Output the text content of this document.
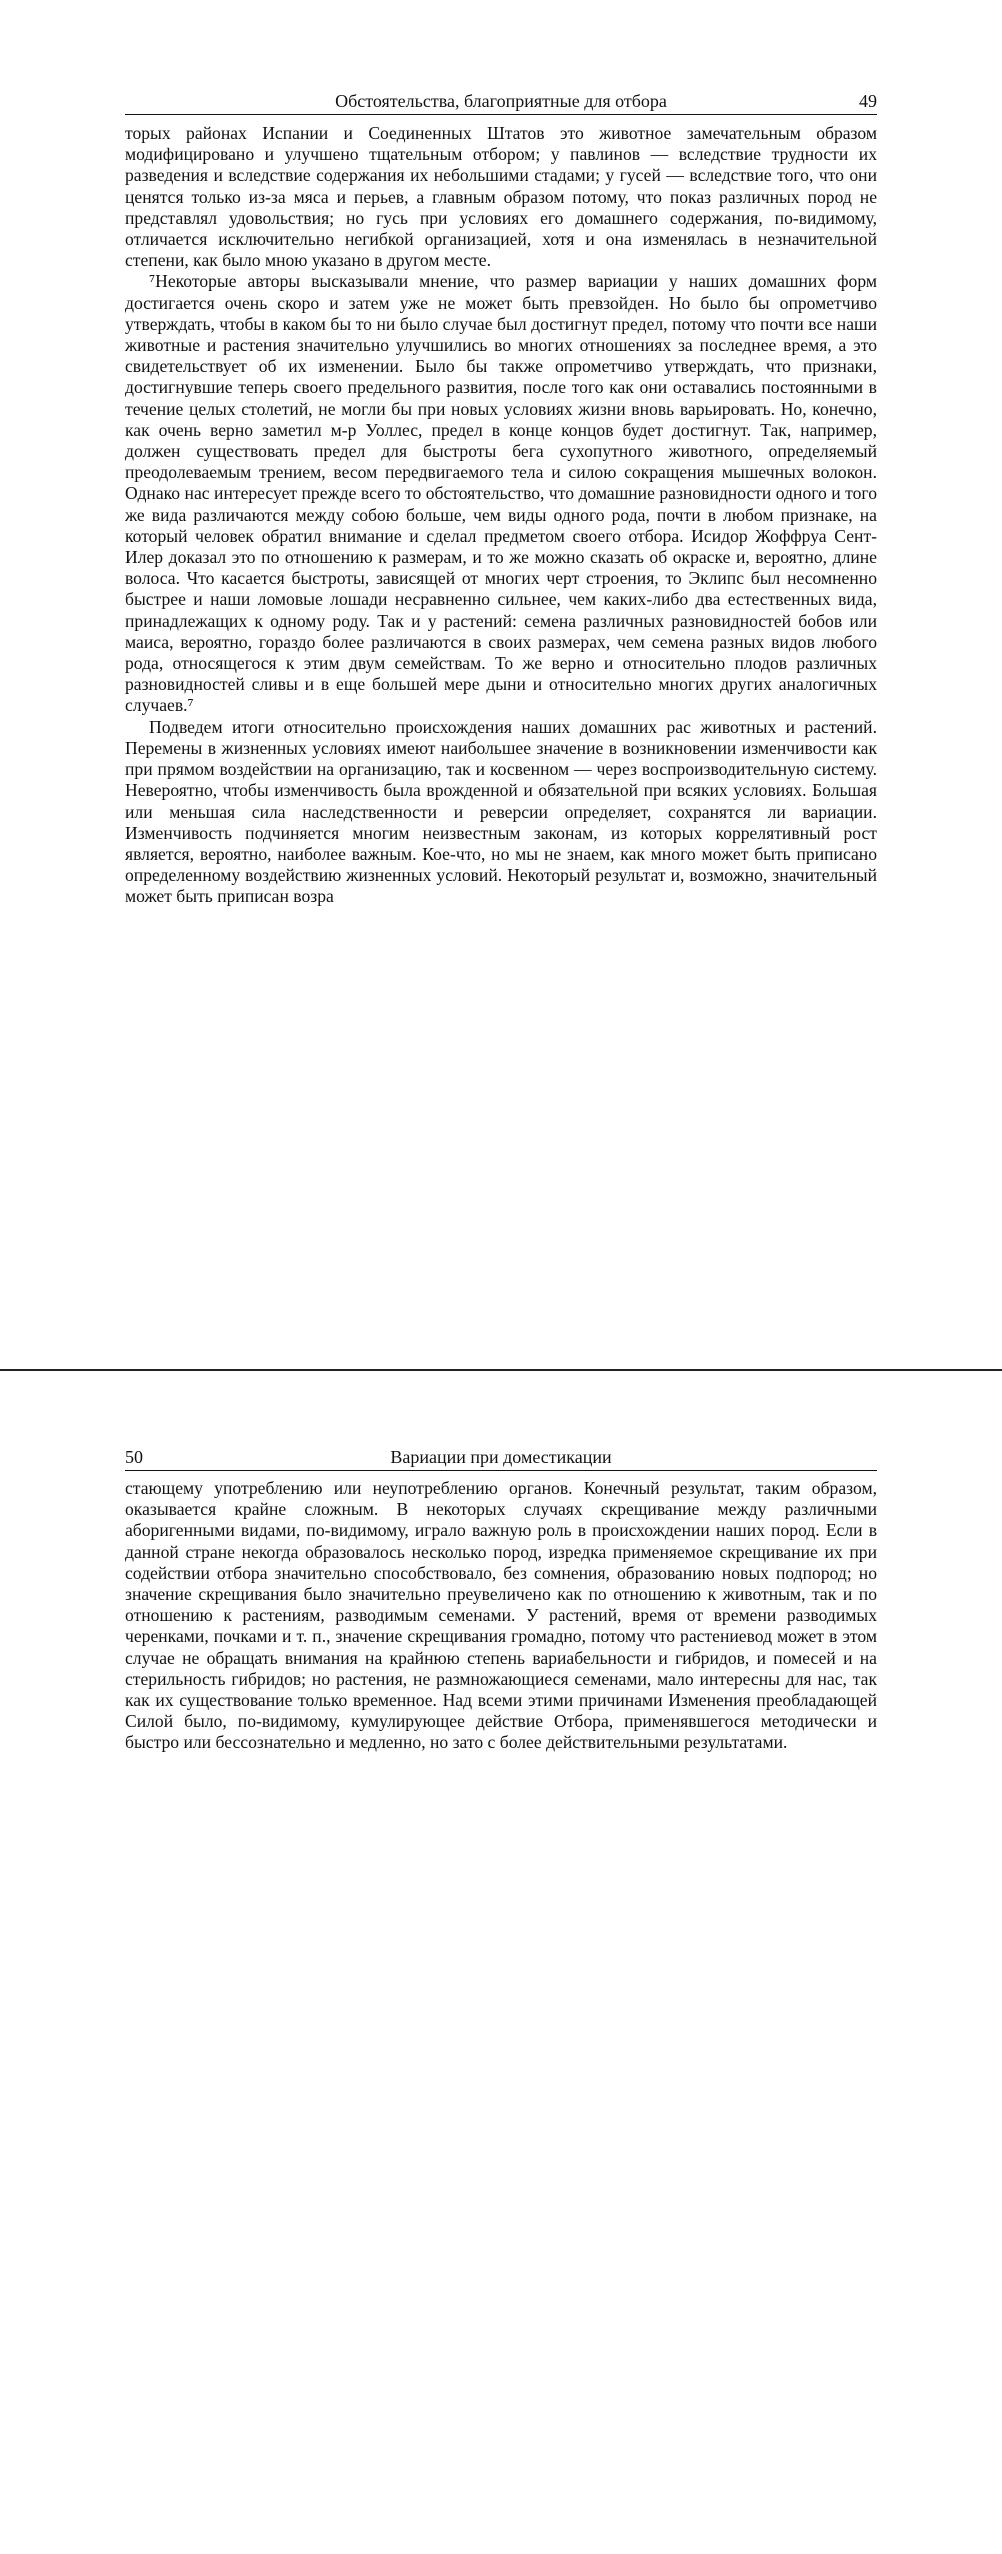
Обстоятельства, благоприятные для отбора	49

торых районах Испании и Соединенных Штатов это животное замечательным образом модифицировано и улучшено тщательным отбором; у павлинов — вследствие трудности их разведения и вследствие содержания их небольшими стадами; у гусей — вследствие того, что они ценятся только из-за мяса и перьев, а главным образом потому, что показ различных пород не представлял удовольствия; но гусь при условиях его домашнего содержания, по-видимому, отличается исключительно негибкой организацией, хотя и она изменялась в незначительной степени, как было мною указано в другом месте.

⁷Некоторые авторы высказывали мнение, что размер вариации у наших домашних форм достигается очень скоро и затем уже не может быть превзойден. Но было бы опрометчиво утверждать, чтобы в каком бы то ни было случае был достигнут предел, потому что почти все наши животные и растения значительно улучшились во многих отношениях за последнее время, а это свидетельствует об их изменении. Было бы также опрометчиво утверждать, что признаки, достигнувшие теперь своего предельного развития, после того как они оставались постоянными в течение целых столетий, не могли бы при новых условиях жизни вновь варьировать. Но, конечно, как очень верно заметил м-р Уоллес, предел в конце концов будет достигнут. Так, например, должен существовать предел для быстроты бега сухопутного животного, определяемый преодолеваемым трением, весом передвигаемого тела и силою сокращения мышечных волокон. Однако нас интересует прежде всего то обстоятельство, что домашние разновидности одного и того же вида различаются между собою больше, чем виды одного рода, почти в любом признаке, на который человек обратил внимание и сделал предметом своего отбора. Исидор Жоффруа Сент-Илер доказал это по отношению к размерам, и то же можно сказать об окраске и, вероятно, длине волоса. Что касается быстроты, зависящей от многих черт строения, то Эклипс был несомненно быстрее и наши ломовые лошади несравненно сильнее, чем каких-либо два естественных вида, принадлежащих к одному роду. Так и у растений: семена различных разновидностей бобов или маиса, вероятно, гораздо более различаются в своих размерах, чем семена разных видов любого рода, относящегося к этим двум семействам. То же верно и относительно плодов различных разновидностей сливы и в еще большей мере дыни и относительно многих других аналогичных случаев.⁷

Подведем итоги относительно происхождения наших домашних рас животных и растений. Перемены в жизненных условиях имеют наибольшее значение в возникновении изменчивости как при прямом воздействии на организацию, так и косвенном — через воспроизводительную систему. Невероятно, чтобы изменчивость была врожденной и обязательной при всяких условиях. Большая или меньшая сила наследственности и реверсии определяет, сохранятся ли вариации. Изменчивость подчиняется многим неизвестным законам, из которых коррелятивный рост является, вероятно, наиболее важным. Кое-что, но мы не знаем, как много может быть приписано определенному воздействию жизненных условий. Некоторый результат и, возможно, значительный может быть приписан возра

50	Вариации при доместикации

стающему употреблению или неупотреблению органов. Конечный результат, таким образом, оказывается крайне сложным. В некоторых случаях скрещивание между различными аборигенными видами, по-видимому, играло важную роль в происхождении наших пород. Если в данной стране некогда образовалось несколько пород, изредка применяемое скрещивание их при содействии отбора значительно способствовало, без сомнения, образованию новых подпород; но значение скрещивания было значительно преувеличено как по отношению к животным, так и по отношению к растениям, разводимым семенами. У растений, время от времени разводимых черенками, почками и т. п., значение скрещивания громадно, потому что растениевод может в этом случае не обращать внимания на крайнюю степень вариабельности и гибридов, и помесей и на стерильность гибридов; но растения, не размножающиеся семенами, мало интересны для нас, так как их существование только временное. Над всеми этими причинами Изменения преобладающей Силой было, по-видимому, кумулирующее действие Отбора, применявшегося методически и быстро или бессознательно и медленно, но зато с более действительными результатами.
